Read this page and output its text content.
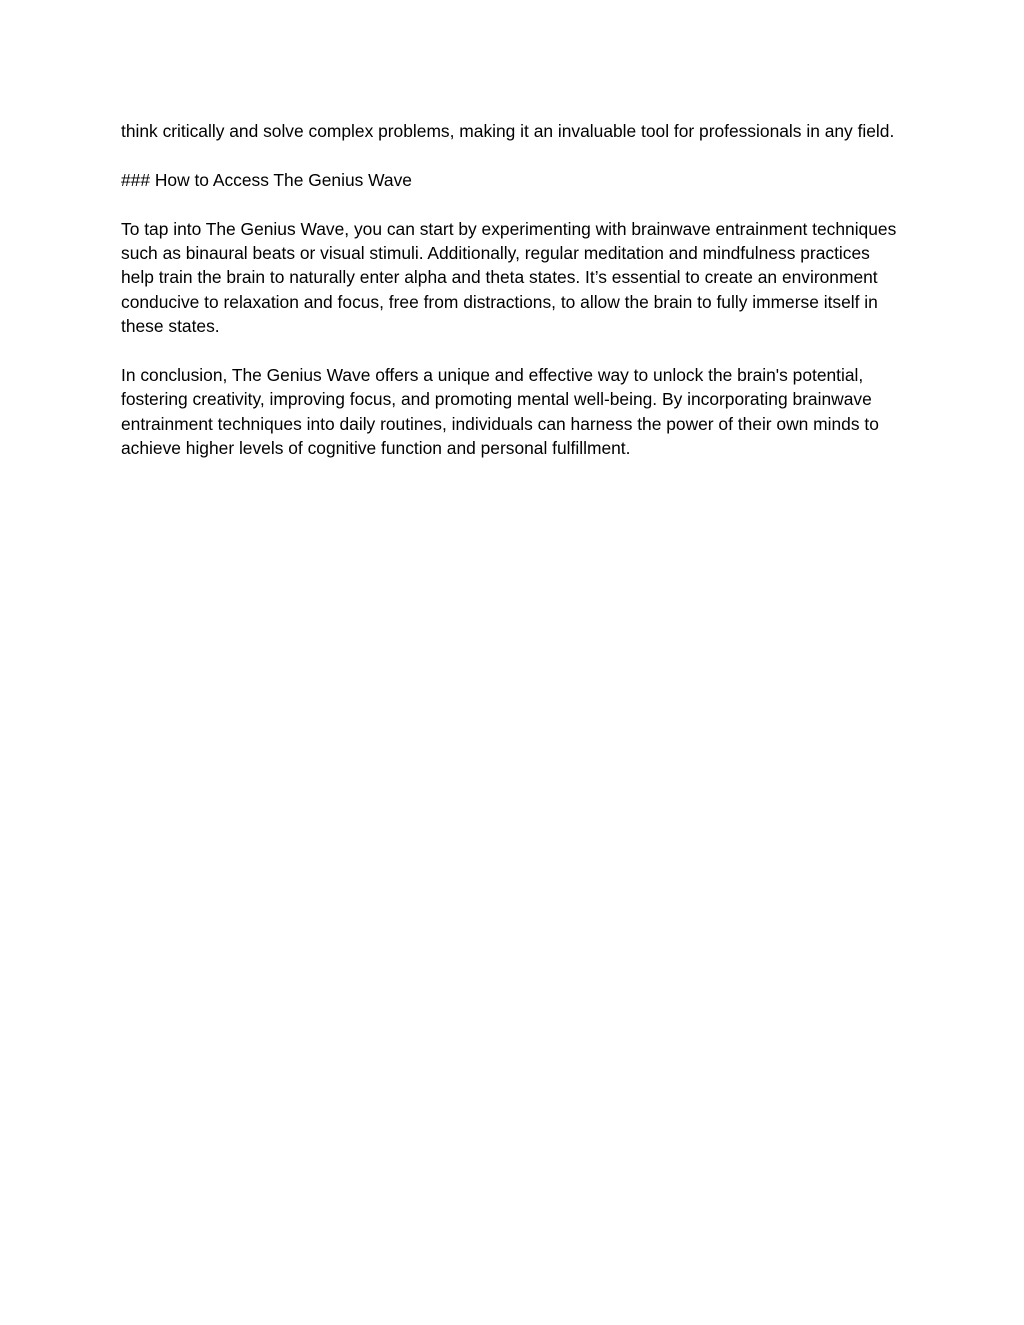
think critically and solve complex problems, making it an invaluable tool for professionals in any field.

### How to Access The Genius Wave

To tap into The Genius Wave, you can start by experimenting with brainwave entrainment techniques such as binaural beats or visual stimuli. Additionally, regular meditation and mindfulness practices help train the brain to naturally enter alpha and theta states. It’s essential to create an environment conducive to relaxation and focus, free from distractions, to allow the brain to fully immerse itself in these states.

In conclusion, The Genius Wave offers a unique and effective way to unlock the brain's potential, fostering creativity, improving focus, and promoting mental well-being. By incorporating brainwave entrainment techniques into daily routines, individuals can harness the power of their own minds to achieve higher levels of cognitive function and personal fulfillment.
